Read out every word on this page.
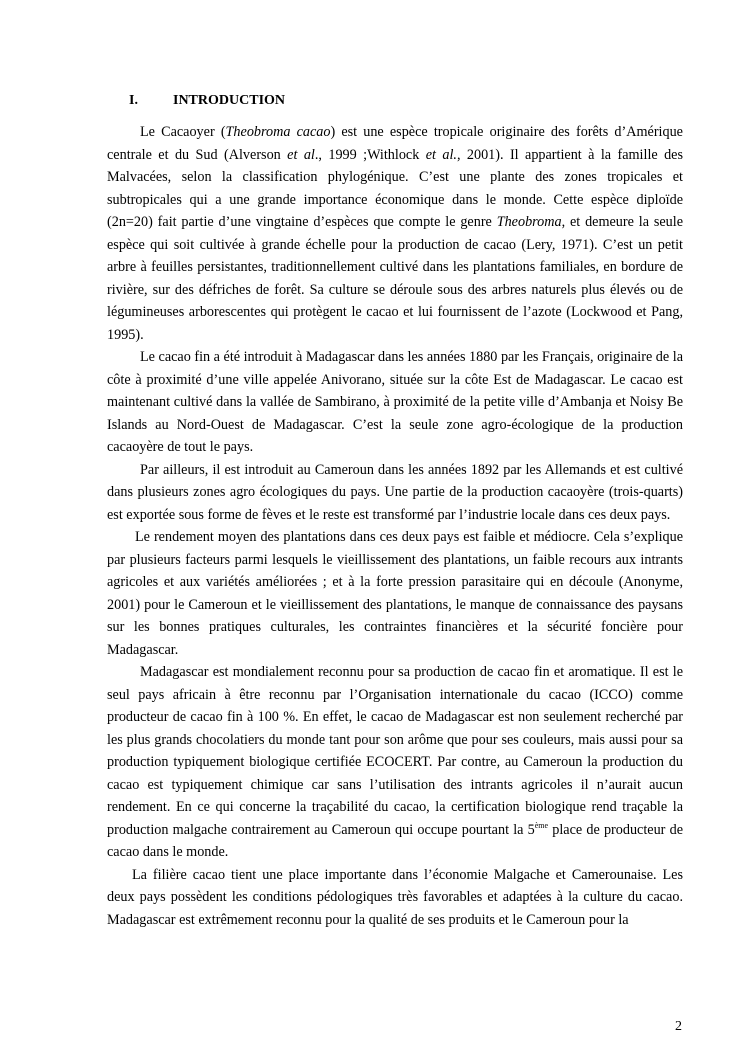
I.	INTRODUCTION

Le Cacaoyer (Theobroma cacao) est une espèce tropicale originaire des forêts d’Amérique centrale et du Sud (Alverson et al., 1999 ;Withlock et al., 2001). Il appartient à la famille des Malvacées, selon la classification phylogénique. C’est une plante des zones tropicales et subtropicales qui a une grande importance économique dans le monde. Cette espèce diploïde (2n=20) fait partie d’une vingtaine d’espèces que compte le genre Theobroma, et demeure la seule espèce qui soit cultivée à grande échelle pour la production de cacao (Lery, 1971). C’est un petit arbre à feuilles persistantes, traditionnellement cultivé dans les plantations familiales, en bordure de rivière, sur des défriches de forêt. Sa culture se déroule sous des arbres naturels plus élevés ou de légumineuses arborescentes qui protègent le cacao et lui fournissent de l’azote (Lockwood et Pang, 1995).

Le cacao fin a été introduit à Madagascar dans les années 1880 par les Français, originaire de la côte à proximité d’une ville appelée Anivorano, située sur la côte Est de Madagascar. Le cacao est maintenant cultivé dans la vallée de Sambirano, à proximité de la petite ville d’Ambanja et Noisy Be Islands au Nord-Ouest de Madagascar. C’est la seule zone agro-écologique de la production cacaoyère de tout le pays.

Par ailleurs, il est introduit au Cameroun dans les années 1892 par les Allemands et est cultivé dans plusieurs zones agro écologiques du pays. Une partie de la production cacaoyère (trois-quarts) est exportée sous forme de fèves et le reste est transformé par l’industrie locale dans ces deux pays.

Le rendement moyen des plantations dans ces deux pays est faible et médiocre. Cela s’explique par plusieurs facteurs parmi lesquels le vieillissement des plantations, un faible recours aux intrants agricoles et aux variétés améliorées ; et à la forte pression parasitaire qui en découle (Anonyme, 2001) pour le Cameroun et le vieillissement des plantations, le manque de connaissance des paysans sur les bonnes pratiques culturales, les contraintes financières et la sécurité foncière pour Madagascar.

Madagascar est mondialement reconnu pour sa production de cacao fin et aromatique. Il est le seul pays africain à être reconnu par l’Organisation internationale du cacao (ICCO) comme producteur de cacao fin à 100 %. En effet, le cacao de Madagascar est non seulement recherché par les plus grands chocolatiers du monde tant pour son arôme que pour ses couleurs, mais aussi pour sa production typiquement biologique certifiée ECOCERT. Par contre, au Cameroun la production du cacao est typiquement chimique car sans l’utilisation des intrants agricoles il n’aurait aucun rendement. En ce qui concerne la traçabilité du cacao, la certification biologique rend traçable la production malgache contrairement au Cameroun qui occupe pourtant la 5ème place de producteur de cacao dans le monde.

La filière cacao tient une place importante dans l’économie Malgache et Camerounaise. Les deux pays possèdent les conditions pédologiques très favorables et adaptées à la culture du cacao. Madagascar est extrêmement reconnu pour la qualité de ses produits et le Cameroun pour la

2
